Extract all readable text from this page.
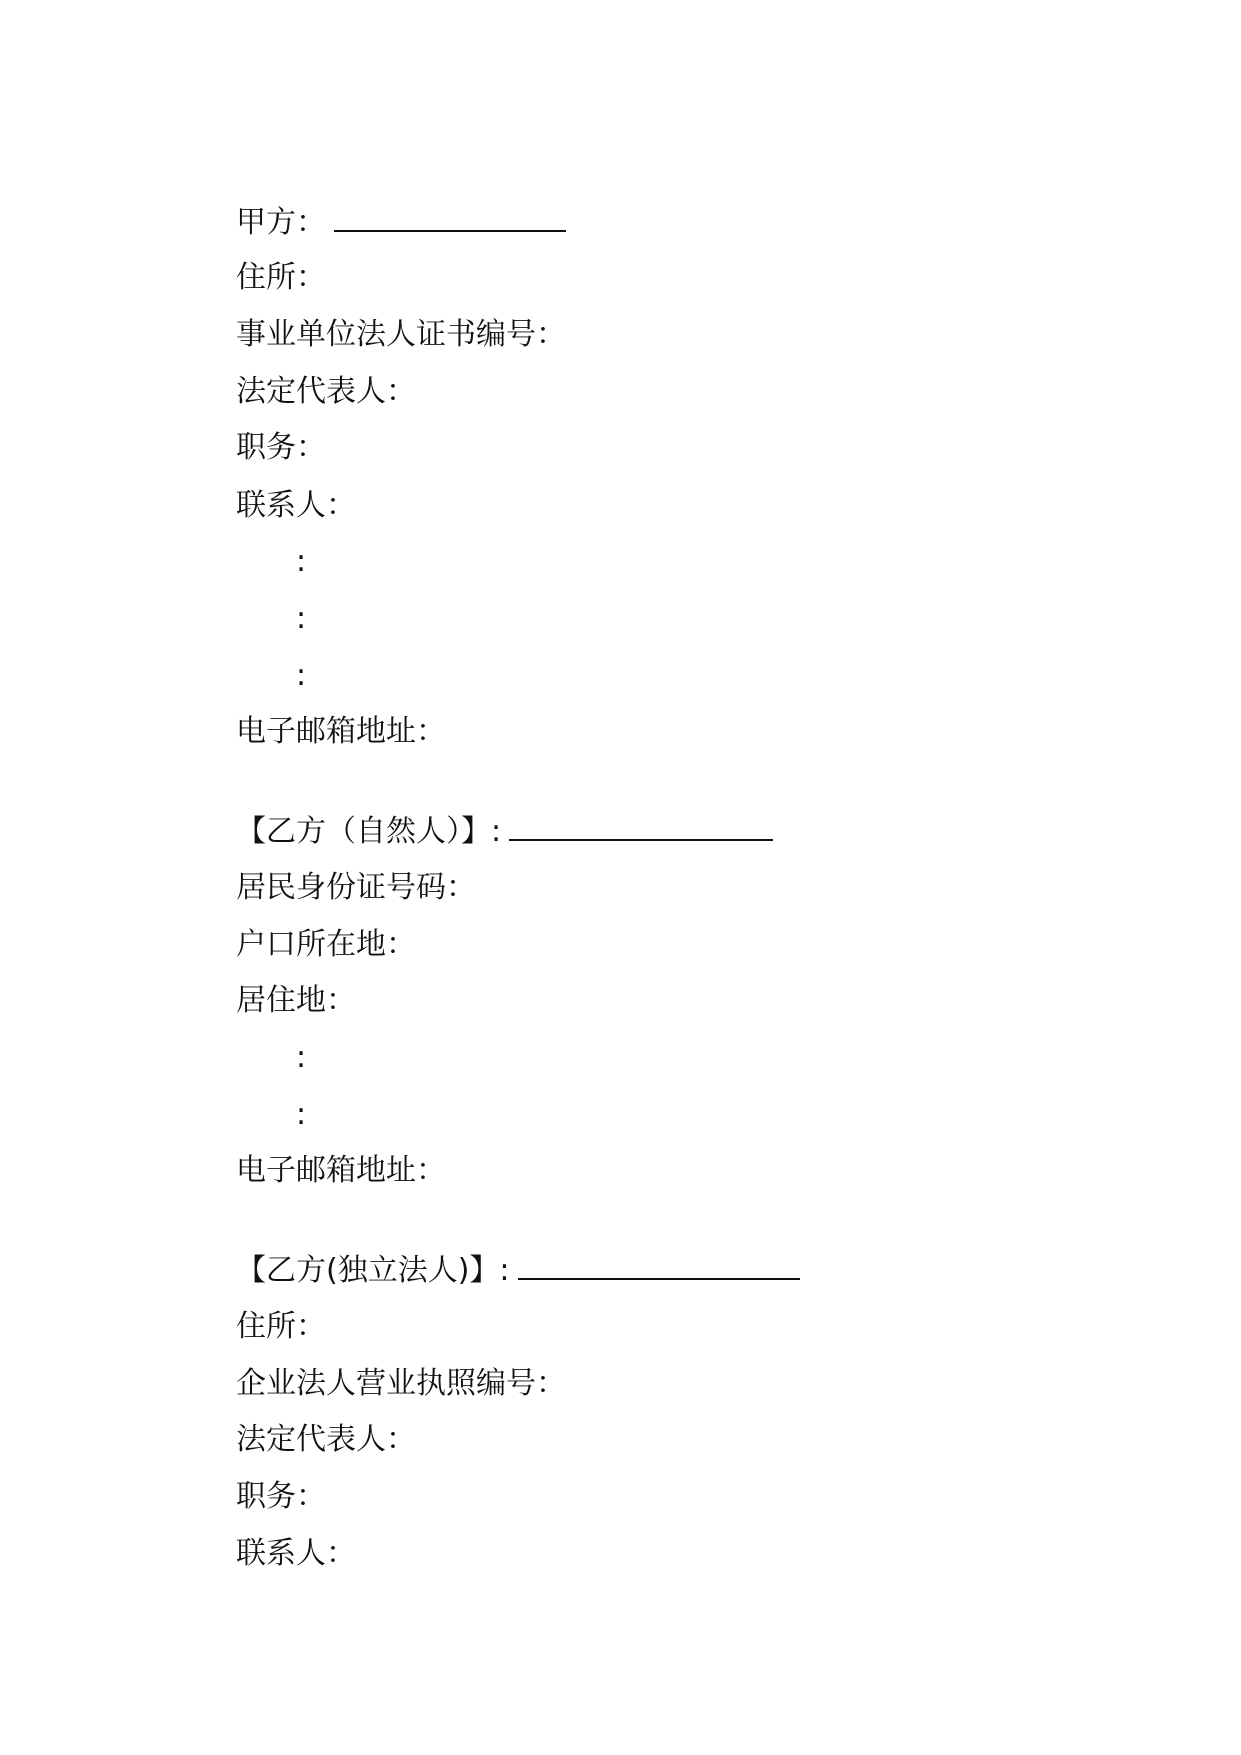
甲方：
住所：
事业单位法人证书编号：
法定代表人：
职务：
联系人：
:
:
:
电子邮箱地址：
【乙方（自然人）】:
居民身份证号码：
户口所在地：
居住地：
:
:
电子邮箱地址：
【乙方(独立法人)】:
住所：
企业法人营业执照编号：
法定代表人：
职务：
联系人：
